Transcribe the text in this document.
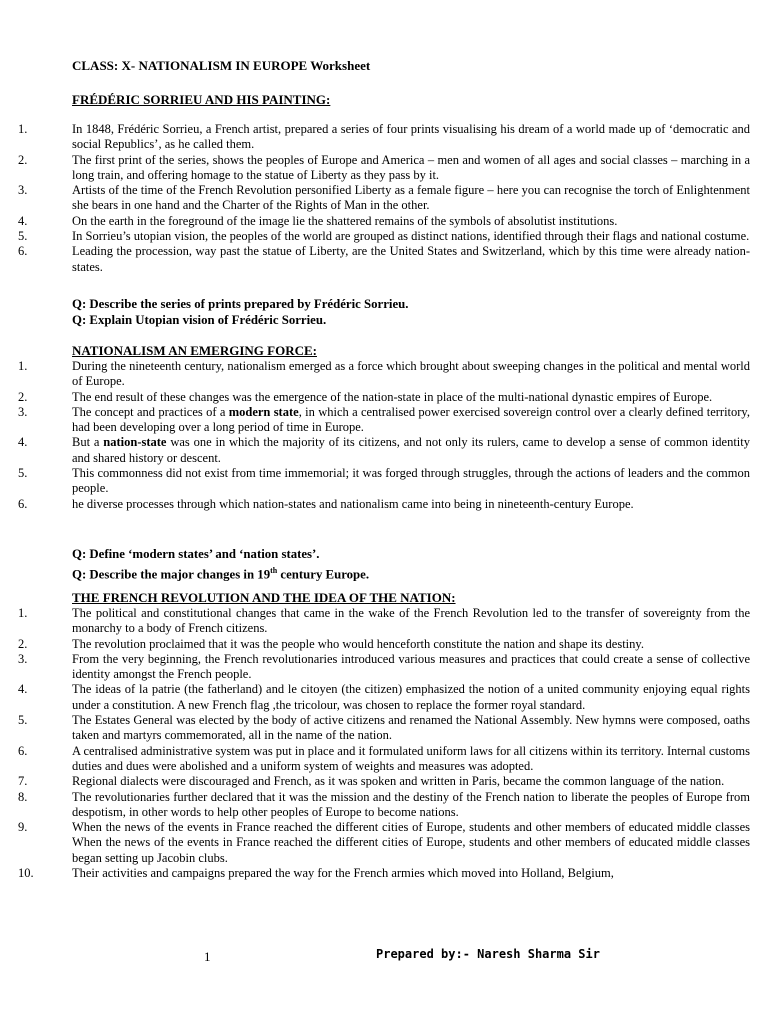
CLASS: X- NATIONALISM IN EUROPE Worksheet
FRÉDÉRIC SORRIEU AND HIS PAINTING:
1.	In 1848, Frédéric Sorrieu, a French artist, prepared a series of four prints visualising his dream of a world made up of ‘democratic and social Republics’, as he called them.
2.	The first print of the series, shows the peoples of Europe and America – men and women of all ages and social classes – marching in a long train, and offering homage to the statue of Liberty as they pass by it.
3.	Artists of the time of the French Revolution personified Liberty as a female figure – here you can recognise the torch of Enlightenment she bears in one hand and the Charter of the Rights of Man in the other.
4.	On the earth in the foreground of the image lie the shattered remains of the symbols of absolutist institutions.
5.	In Sorrieu’s utopian vision, the peoples of the world are grouped as distinct nations, identified through their flags and national costume.
6.	Leading the procession, way past the statue of Liberty, are the United States and Switzerland, which by this time were already nation-states.
Q: Describe the series of prints prepared by Frédéric Sorrieu.
Q: Explain Utopian vision of Frédéric Sorrieu.
NATIONALISM AN EMERGING FORCE:
1.	During the nineteenth century, nationalism emerged as a force which brought about sweeping changes in the political and mental world of Europe.
2.	The end result of these changes was the emergence of the nation-state in place of the multi-national dynastic empires of Europe.
3.	The concept and practices of a modern state, in which a centralised power exercised sovereign control over a clearly defined territory, had been developing over a long period of time in Europe.
4.	But a nation-state was one in which the majority of its citizens, and not only its rulers, came to develop a sense of common identity and shared history or descent.
5.	This commonness did not exist from time immemorial; it was forged through struggles, through the actions of leaders and the common people.
6.	he diverse processes through which nation-states and nationalism came into being in nineteenth-century Europe.
Q: Define ‘modern states’ and ‘nation states’.
Q: Describe the major changes in 19th century Europe.
THE FRENCH REVOLUTION AND THE IDEA OF THE NATION:
1.	The political and constitutional changes that came in the wake of the French Revolution led to the transfer of sovereignty from the monarchy to a body of French citizens.
2.	The revolution proclaimed that it was the people who would henceforth constitute the nation and shape its destiny.
3.	From the very beginning, the French revolutionaries introduced various measures and practices that could create a sense of collective identity amongst the French people.
4.	The ideas of la patrie (the fatherland) and le citoyen (the citizen) emphasized the notion of a united community enjoying equal rights under a constitution. A new French flag ,the tricolour, was chosen to replace the former royal standard.
5.	The Estates General was elected by the body of active citizens and renamed the National Assembly. New hymns were composed, oaths taken and martyrs commemorated, all in the name of the nation.
6.	A centralised administrative system was put in place and it formulated uniform laws for all citizens within its territory. Internal customs duties and dues were abolished and a uniform system of weights and measures was adopted.
7.	Regional dialects were discouraged and French, as it was spoken and written in Paris, became the common language of the nation.
8.	The revolutionaries further declared that it was the mission and the destiny of the French nation to liberate the peoples of Europe from despotism, in other words to help other peoples of Europe to become nations.
9.	When the news of the events in France reached the different cities of Europe, students and other members of educated middle classes When the news of the events in France reached the different cities of Europe, students and other members of educated middle classes began setting up Jacobin clubs.
10.	Their activities and campaigns prepared the way for the French armies which moved into Holland, Belgium,
1	Prepared by:- Naresh Sharma Sir
